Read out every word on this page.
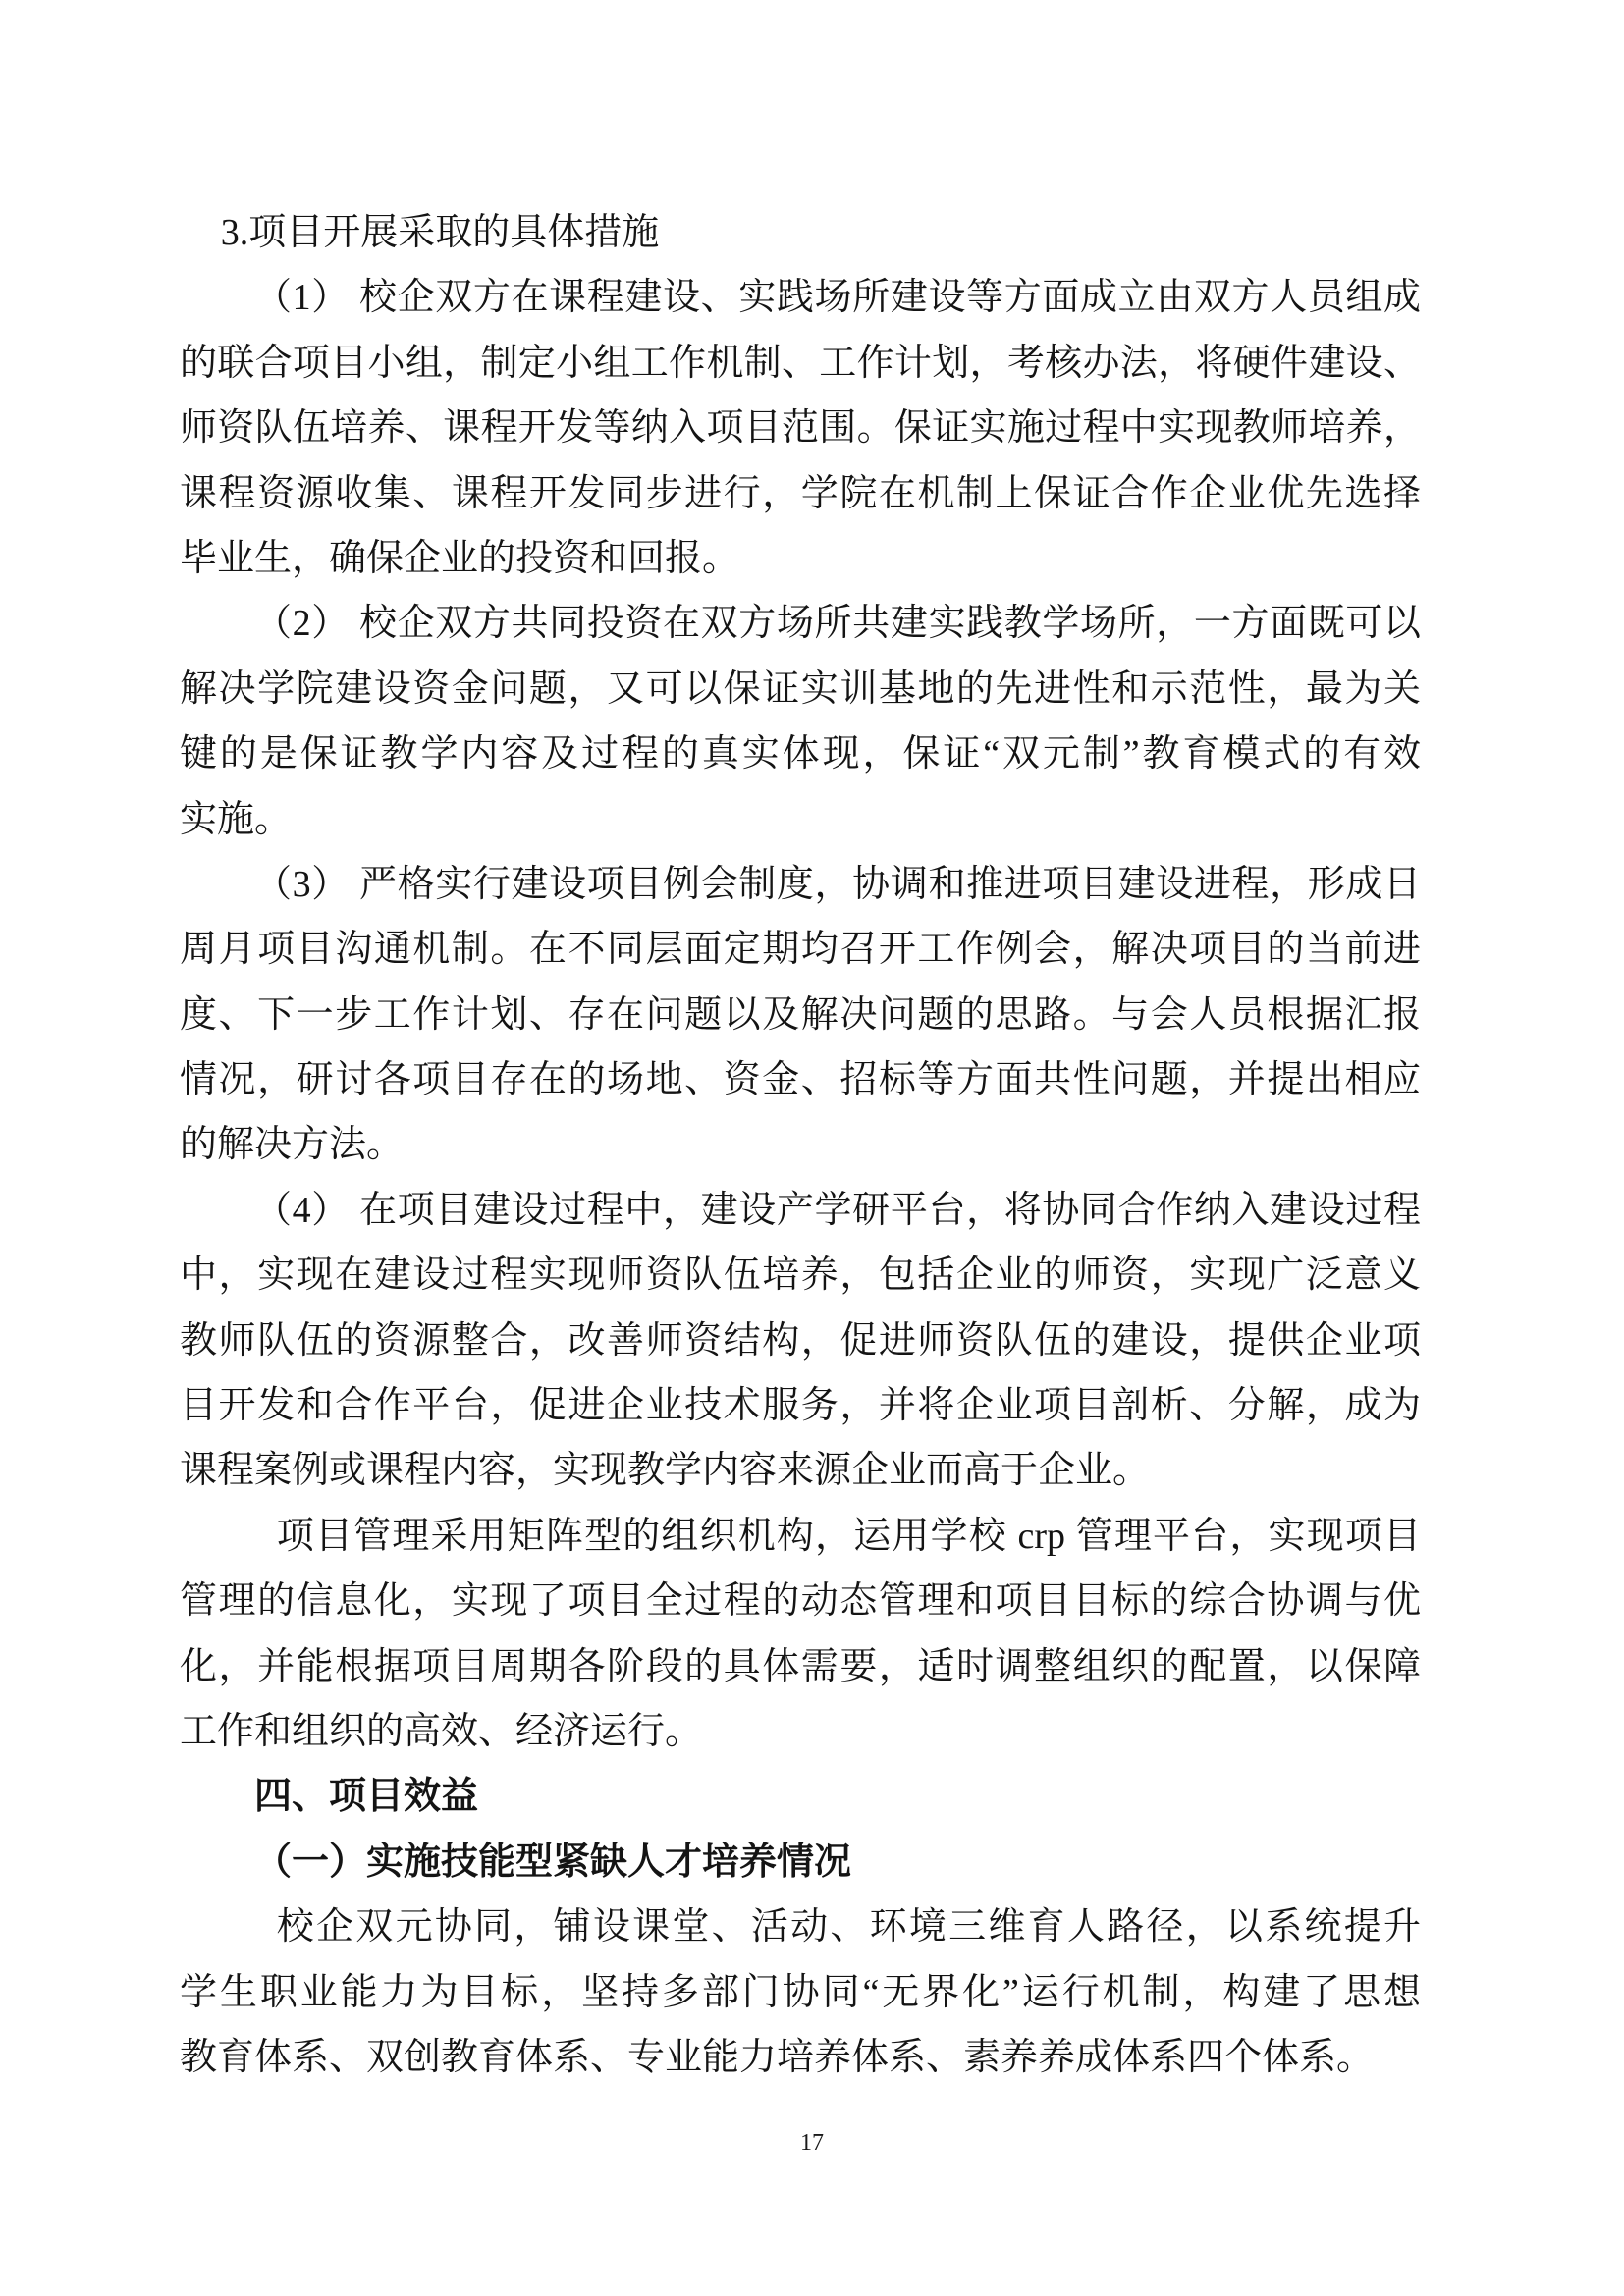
3.项目开展采取的具体措施
（1） 校企双方在课程建设、实践场所建设等方面成立由双方人员组成
的联合项目小组，制定小组工作机制、工作计划，考核办法，将硬件建设、
师资队伍培养、课程开发等纳入项目范围。保证实施过程中实现教师培养，
课程资源收集、课程开发同步进行，学院在机制上保证合作企业优先选择
毕业生，确保企业的投资和回报。
（2） 校企双方共同投资在双方场所共建实践教学场所，一方面既可以
解决学院建设资金问题，又可以保证实训基地的先进性和示范性，最为关
键的是保证教学内容及过程的真实体现，保证“双元制”教育模式的有效
实施。
（3） 严格实行建设项目例会制度，协调和推进项目建设进程，形成日
周月项目沟通机制。在不同层面定期均召开工作例会，解决项目的当前进
度、下一步工作计划、存在问题以及解决问题的思路。与会人员根据汇报
情况，研讨各项目存在的场地、资金、招标等方面共性问题，并提出相应
的解决方法。
（4） 在项目建设过程中，建设产学研平台，将协同合作纳入建设过程
中，实现在建设过程实现师资队伍培养，包括企业的师资，实现广泛意义
教师队伍的资源整合，改善师资结构，促进师资队伍的建设，提供企业项
目开发和合作平台，促进企业技术服务，并将企业项目剖析、分解，成为
课程案例或课程内容，实现教学内容来源企业而高于企业。
项目管理采用矩阵型的组织机构，运用学校 crp 管理平台，实现项目
管理的信息化，实现了项目全过程的动态管理和项目目标的综合协调与优
化，并能根据项目周期各阶段的具体需要，适时调整组织的配置，以保障
工作和组织的高效、经济运行。
四、项目效益
（一）实施技能型紧缺人才培养情况
校企双元协同，铺设课堂、活动、环境三维育人路径，以系统提升
学生职业能力为目标，坚持多部门协同“无界化”运行机制，构建了思想
教育体系、双创教育体系、专业能力培养体系、素养养成体系四个体系。
17
